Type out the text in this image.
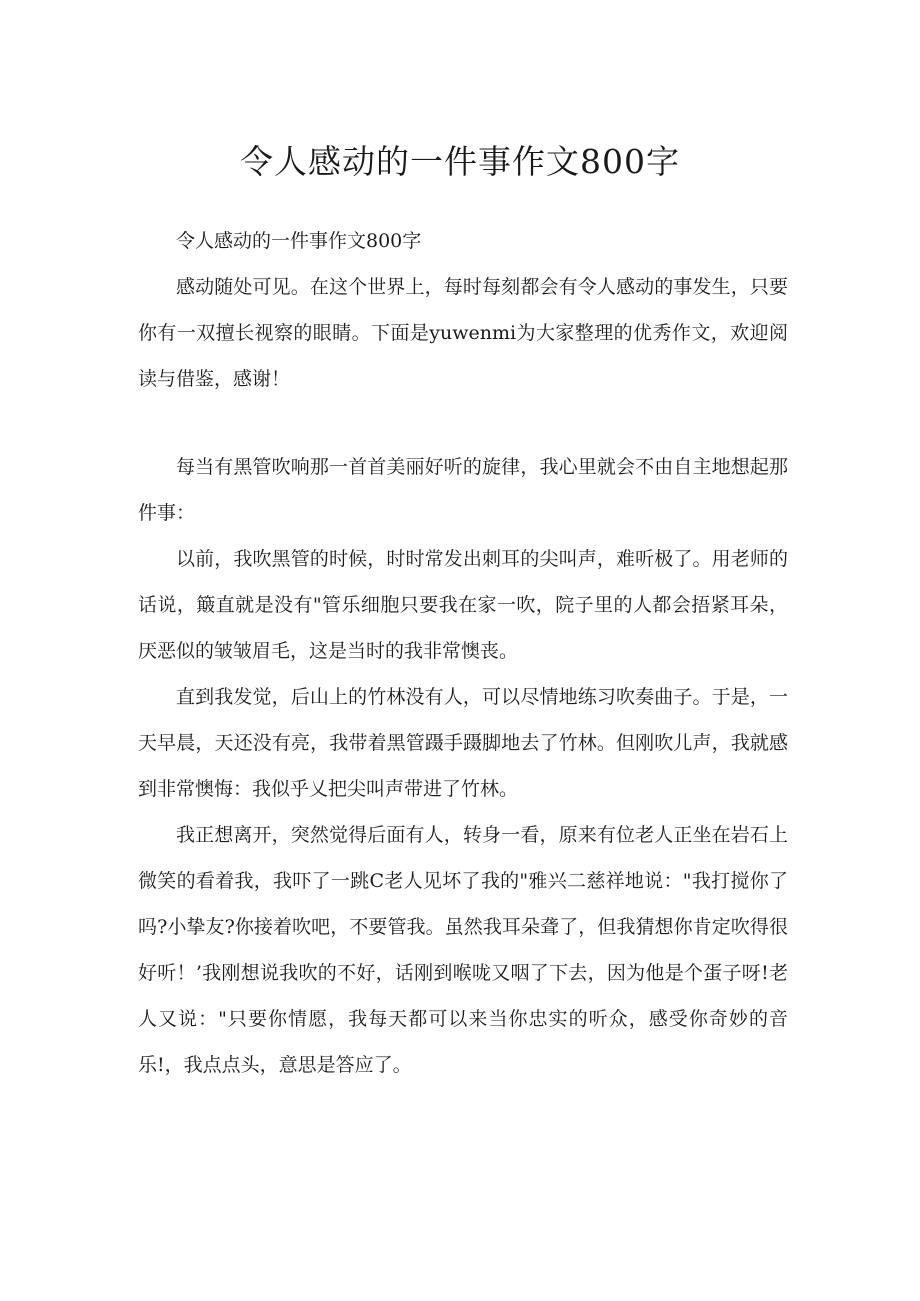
令人感动的一件事作文800字

令人感动的一件事作文800字

感动随处可见。在这个世界上，每时每刻都会有令人感动的事发生，只要你有一双擅长视察的眼睛。下面是yuwenmi为大家整理的优秀作文，欢迎阅读与借鉴，感谢！

每当有黑管吹响那一首首美丽好听的旋律，我心里就会不由自主地想起那件事：

以前，我吹黑管的时候，时时常发出刺耳的尖叫声，难听极了。用老师的话说，簸直就是没有"管乐细胞只要我在家一吹，院子里的人都会捂紧耳朵，厌恶似的皱皱眉毛，这是当时的我非常懊丧。

直到我发觉，后山上的竹林没有人，可以尽情地练习吹奏曲子。于是，一天早晨，天还没有亮，我带着黑管蹑手蹑脚地去了竹林。但刚吹儿声，我就感到非常懊悔：我似乎乂把尖叫声带进了竹林。

我正想离开，突然觉得后面有人，转身一看，原来有位老人正坐在岩石上微笑的看着我，我吓了一跳C老人见坏了我的"雅兴二慈祥地说："我打搅你了吗?小挚友?你接着吹吧，不要管我。虽然我耳朵聋了，但我猜想你肯定吹得很好听！’我刚想说我吹的不好，话刚到喉咙又咽了下去，因为他是个蛋子呀!老人又说："只要你情愿，我每天都可以来当你忠实的听众，感受你奇妙的音乐!，我点点头，意思是答应了。
